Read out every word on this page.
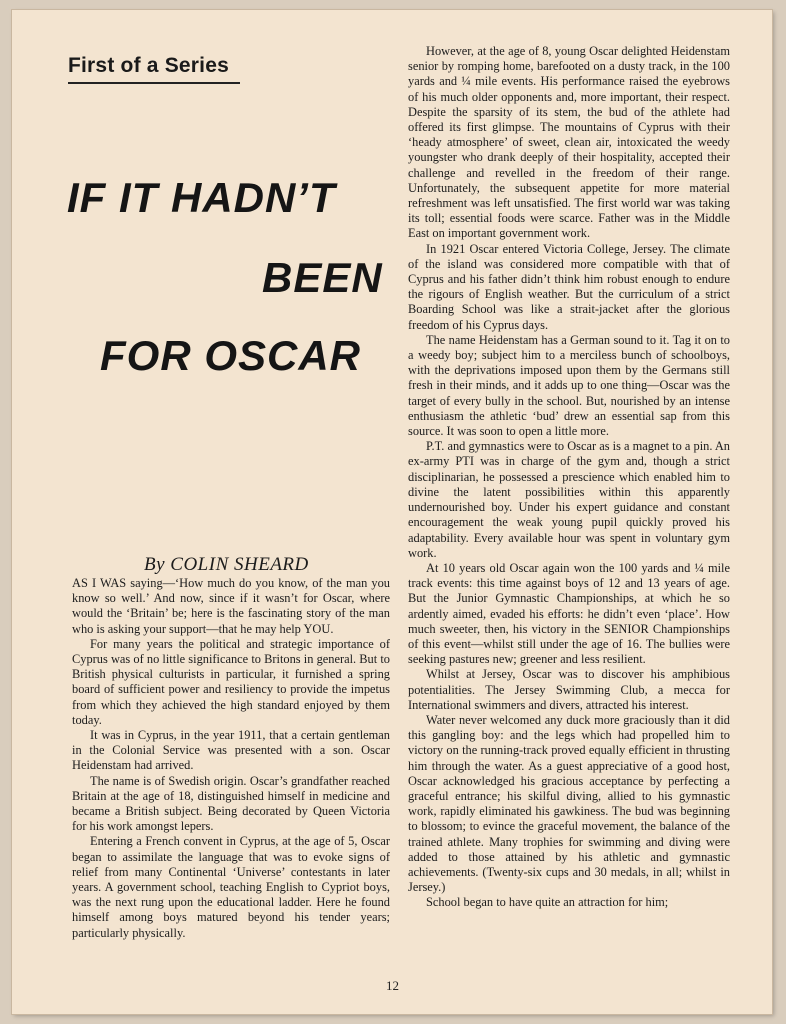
First of a Series
IF IT HADN’T
BEEN
FOR OSCAR
By COLIN SHEARD

AS I WAS saying—‘How much do you know, of the man you know so well.’ And now, since if it wasn’t for Oscar, where would the ‘Britain’ be; here is the fascinating story of the man who is asking your support—that he may help YOU.

For many years the political and strategic importance of Cyprus was of no little significance to Britons in general. But to British physical culturists in particular, it furnished a spring board of sufficient power and resiliency to provide the impetus from which they achieved the high standard enjoyed by them today.

It was in Cyprus, in the year 1911, that a certain gentleman in the Colonial Service was presented with a son. Oscar Heidenstam had arrived.

The name is of Swedish origin. Oscar’s grandfather reached Britain at the age of 18, distinguished himself in medicine and became a British subject. Being decorated by Queen Victoria for his work amongst lepers.

Entering a French convent in Cyprus, at the age of 5, Oscar began to assimilate the language that was to evoke signs of relief from many Continental ‘Universe’ contestants in later years. A government school, teaching English to Cypriot boys, was the next rung upon the educational ladder. Here he found himself among boys matured beyond his tender years; particularly physically.

However, at the age of 8, young Oscar delighted Heidenstam senior by romping home, barefooted on a dusty track, in the 100 yards and ¼ mile events. His performance raised the eyebrows of his much older opponents and, more important, their respect. Despite the sparsity of its stem, the bud of the athlete had offered its first glimpse. The mountains of Cyprus with their ‘heady atmosphere’ of sweet, clean air, intoxicated the weedy youngster who drank deeply of their hospitality, accepted their challenge and revelled in the freedom of their range. Unfortunately, the subsequent appetite for more material refreshment was left unsatisfied. The first world war was taking its toll; essential foods were scarce. Father was in the Middle East on important government work.

In 1921 Oscar entered Victoria College, Jersey. The climate of the island was considered more compatible with that of Cyprus and his father didn’t think him robust enough to endure the rigours of English weather. But the curriculum of a strict Boarding School was like a strait-jacket after the glorious freedom of his Cyprus days.

The name Heidenstam has a German sound to it. Tag it on to a weedy boy; subject him to a merciless bunch of schoolboys, with the deprivations imposed upon them by the Germans still fresh in their minds, and it adds up to one thing—Oscar was the target of every bully in the school. But, nourished by an intense enthusiasm the athletic ‘bud’ drew an essential sap from this source. It was soon to open a little more.

P.T. and gymnastics were to Oscar as is a magnet to a pin. An ex-army PTI was in charge of the gym and, though a strict disciplinarian, he possessed a prescience which enabled him to divine the latent possibilities within this apparently undernourished boy. Under his expert guidance and constant encouragement the weak young pupil quickly proved his adaptability. Every available hour was spent in voluntary gym work.

At 10 years old Oscar again won the 100 yards and ¼ mile track events: this time against boys of 12 and 13 years of age. But the Junior Gymnastic Championships, at which he so ardently aimed, evaded his efforts: he didn’t even ‘place’. How much sweeter, then, his victory in the SENIOR Championships of this event—whilst still under the age of 16. The bullies were seeking pastures new; greener and less resilient.

Whilst at Jersey, Oscar was to discover his amphibious potentialities. The Jersey Swimming Club, a mecca for International swimmers and divers, attracted his interest.

Water never welcomed any duck more graciously than it did this gangling boy: and the legs which had propelled him to victory on the running-track proved equally efficient in thrusting him through the water. As a guest appreciative of a good host, Oscar acknowledged his gracious acceptance by perfecting a graceful entrance; his skilful diving, allied to his gymnastic work, rapidly eliminated his gawkiness. The bud was beginning to blossom; to evince the graceful movement, the balance of the trained athlete. Many trophies for swimming and diving were added to those attained by his athletic and gymnastic achievements. (Twenty-six cups and 30 medals, in all; whilst in Jersey.)

School began to have quite an attraction for him;

12
